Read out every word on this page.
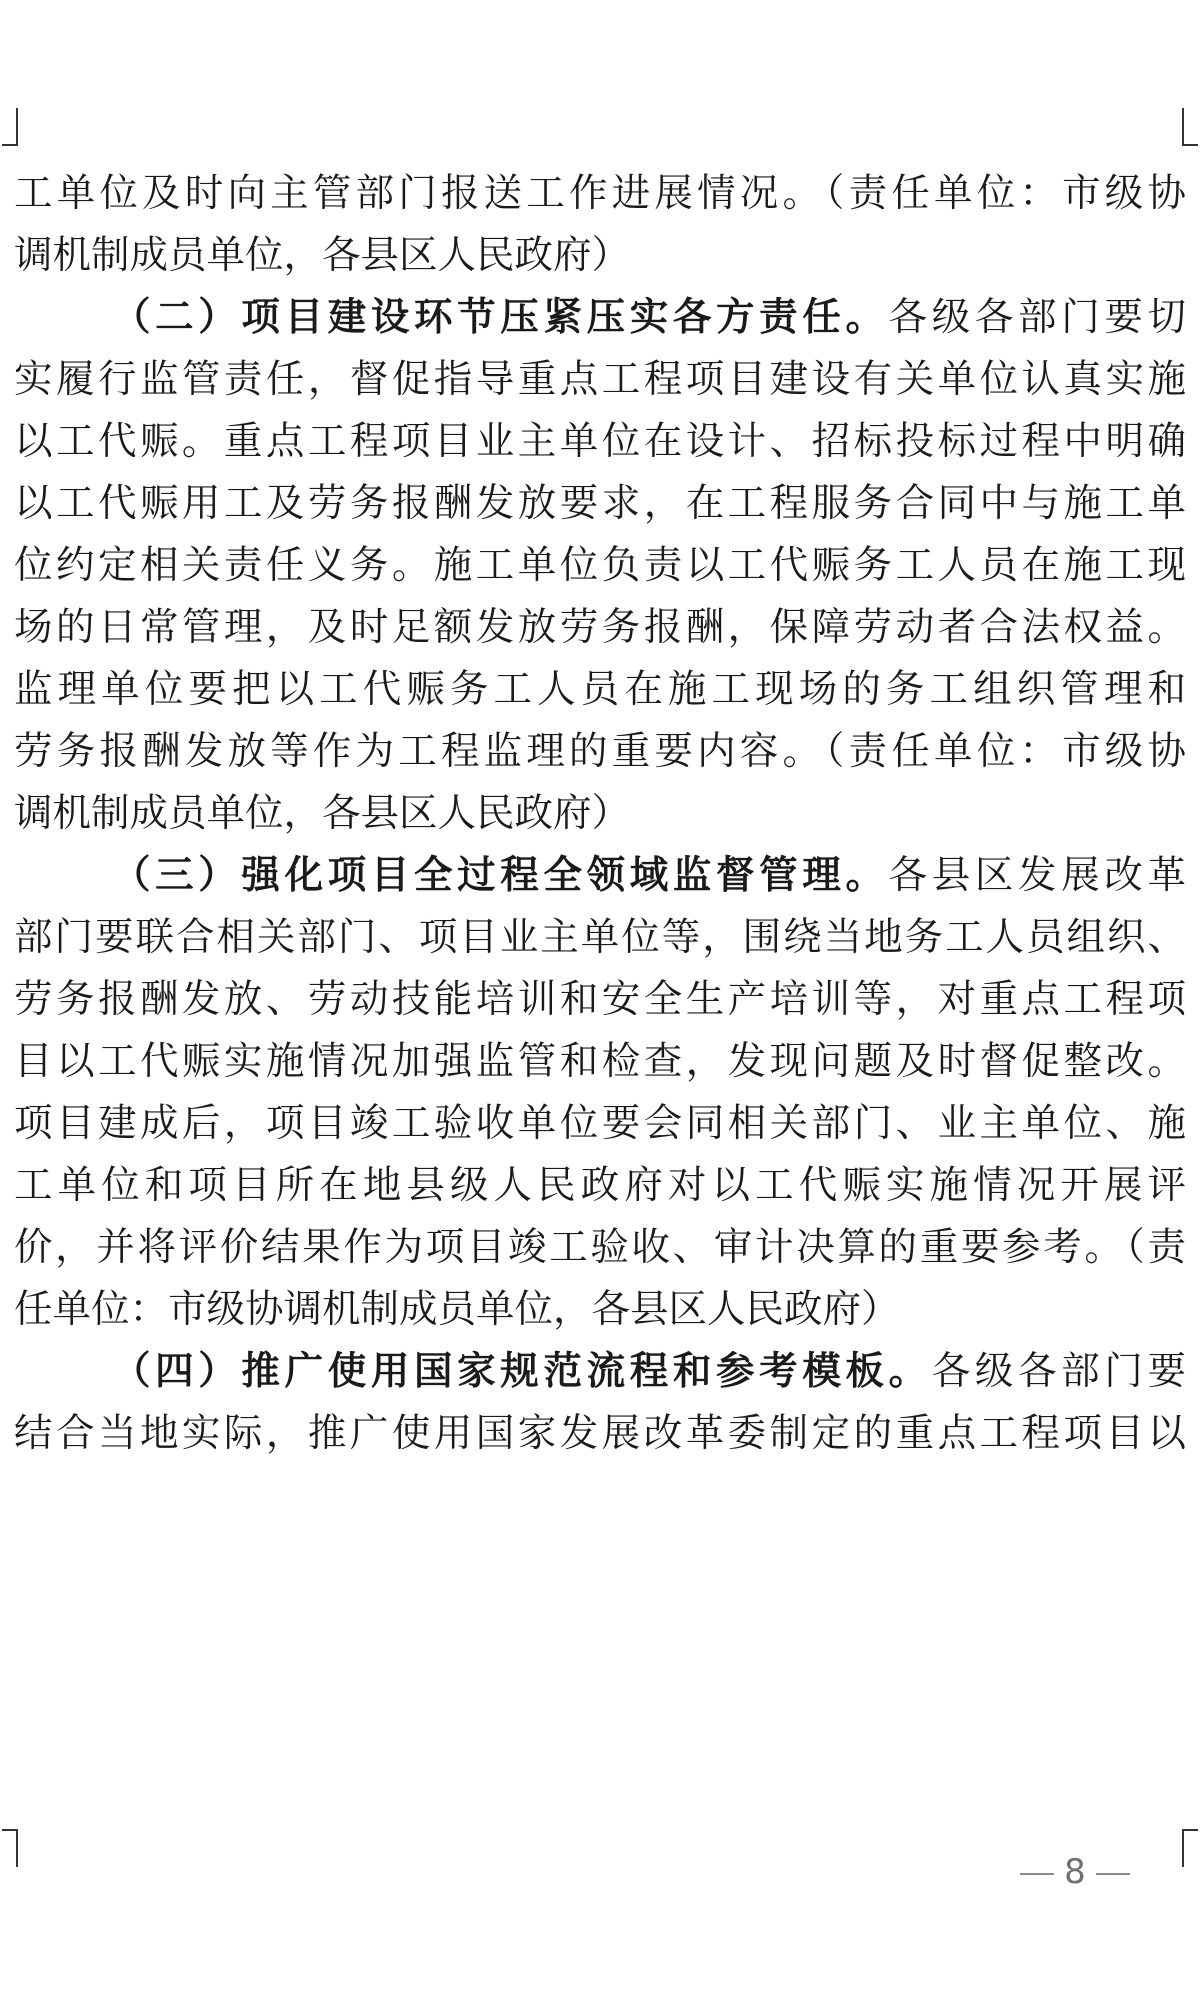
工单位及时向主管部门报送工作进展情况。（责任单位：市级协
调机制成员单位，各县区人民政府）
（二）项目建设环节压紧压实各方责任。各级各部门要切
实履行监管责任，督促指导重点工程项目建设有关单位认真实施
以工代赈。重点工程项目业主单位在设计、招标投标过程中明确
以工代赈用工及劳务报酬发放要求，在工程服务合同中与施工单
位约定相关责任义务。施工单位负责以工代赈务工人员在施工现
场的日常管理，及时足额发放劳务报酬，保障劳动者合法权益。
监理单位要把以工代赈务工人员在施工现场的务工组织管理和
劳务报酬发放等作为工程监理的重要内容。（责任单位：市级协
调机制成员单位，各县区人民政府）
（三）强化项目全过程全领域监督管理。各县区发展改革
部门要联合相关部门、项目业主单位等，围绕当地务工人员组织、
劳务报酬发放、劳动技能培训和安全生产培训等，对重点工程项
目以工代赈实施情况加强监管和检查，发现问题及时督促整改。
项目建成后，项目竣工验收单位要会同相关部门、业主单位、施
工单位和项目所在地县级人民政府对以工代赈实施情况开展评
价，并将评价结果作为项目竣工验收、审计决算的重要参考。（责
任单位：市级协调机制成员单位，各县区人民政府）
（四）推广使用国家规范流程和参考模板。各级各部门要
结合当地实际，推广使用国家发展改革委制定的重点工程项目以
8
